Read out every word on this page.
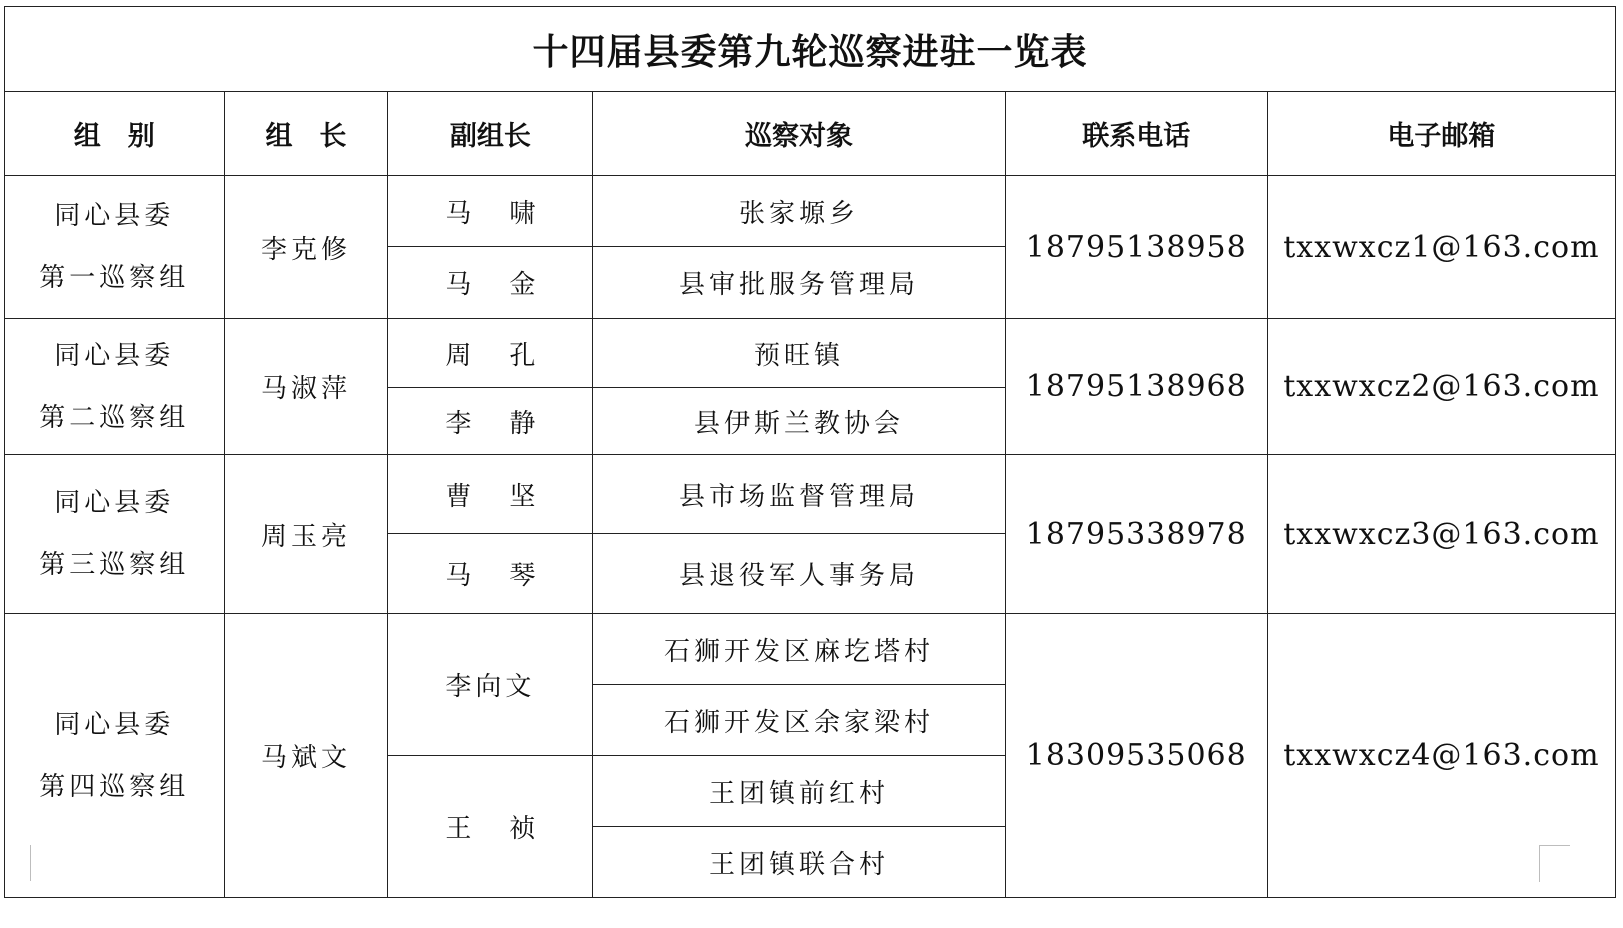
十四届县委第九轮巡察进驻一览表					
组　别	组　长	副组长	巡察对象	联系电话	电子邮箱

同心县委
第一巡察组	李克修	马啸	张家塬乡	18795138958	txxwxcz1@163.com
		马金	县审批服务管理局		

同心县委
第二巡察组	马淑萍	周孔	预旺镇	18795138968	txxwxcz2@163.com
		李静	县伊斯兰教协会		

同心县委
第三巡察组	周玉亮	曹坚	县市场监督管理局	18795338978	txxwxcz3@163.com
		马琴	县退役军人事务局		

同心县委
第四巡察组	马斌文	李向文	石狮开发区麻圪塔村	18309535068	txxwxcz4@163.com
			石狮开发区余家梁村		
		王祯	王团镇前红村		
			王团镇联合村		
